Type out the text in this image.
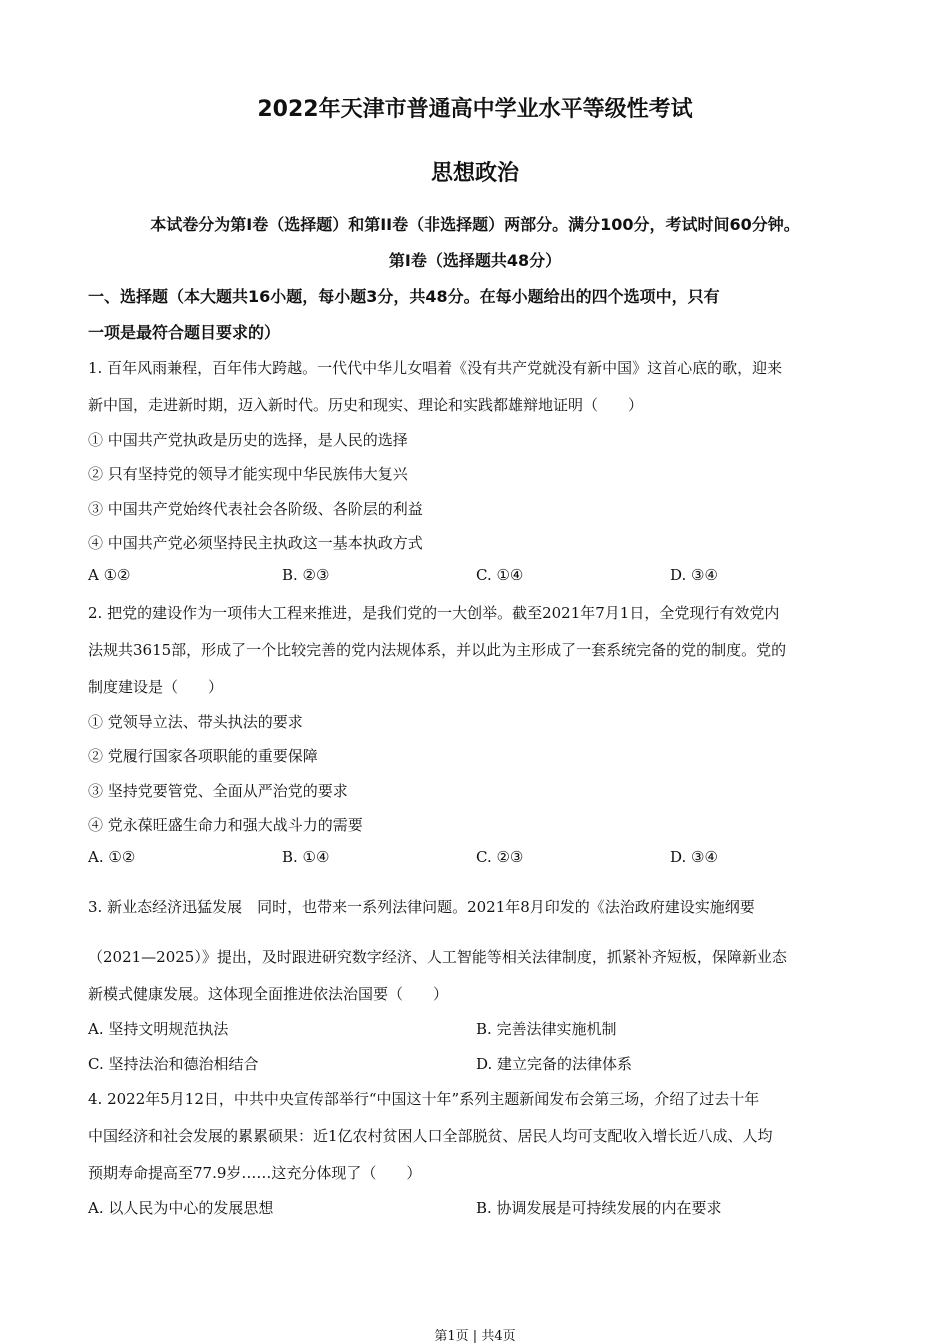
2022年天津市普通高中学业水平等级性考试
思想政治
本试卷分为第Ⅰ卷（选择题）和第II卷（非选择题）两部分。满分100分，考试时间60分钟。
第Ⅰ卷（选择题共48分）
一、选择题（本大题共16小题，每小题3分，共48分。在每小题给出的四个选项中，只有
一项是最符合题目要求的）
1. 百年风雨兼程，百年伟大跨越。一代代中华儿女唱着《没有共产党就没有新中国》这首心底的歌，迎来
新中国，走进新时期，迈入新时代。历史和现实、理论和实践都雄辩地证明（　　）
① 中国共产党执政是历史的选择，是人民的选择
② 只有坚持党的领导才能实现中华民族伟大复兴
③ 中国共产党始终代表社会各阶级、各阶层的利益
④ 中国共产党必须坚持民主执政这一基本执政方式
A ①②	B. ②③	C. ①④	D. ③④
2. 把党的建设作为一项伟大工程来推进，是我们党的一大创举。截至2021年7月1日，全党现行有效党内
法规共3615部，形成了一个比较完善的党内法规体系，并以此为主形成了一套系统完备的党的制度。党的
制度建设是（　　）
① 党领导立法、带头执法的要求
② 党履行国家各项职能的重要保障
③ 坚持党要管党、全面从严治党的要求
④ 党永葆旺盛生命力和强大战斗力的需要
A. ①②	B. ①④	C. ②③	D. ③④
3. 新业态经济迅猛发展　同时，也带来一系列法律问题。2021年8月印发的《法治政府建设实施纲要
（2021—2025）》提出，及时跟进研究数字经济、人工智能等相关法律制度，抓紧补齐短板，保障新业态
新模式健康发展。这体现全面推进依法治国要（　　）
A. 坚持文明规范执法	B. 完善法律实施机制
C. 坚持法治和德治相结合	D. 建立完备的法律体系
4. 2022年5月12日，中共中央宣传部举行“中国这十年”系列主题新闻发布会第三场，介绍了过去十年
中国经济和社会发展的累累硕果：近1亿农村贫困人口全部脱贫、居民人均可支配收入增长近八成、人均
预期寿命提高至77.9岁……这充分体现了（　　）
A. 以人民为中心的发展思想	B. 协调发展是可持续发展的内在要求
第1页 | 共4页
